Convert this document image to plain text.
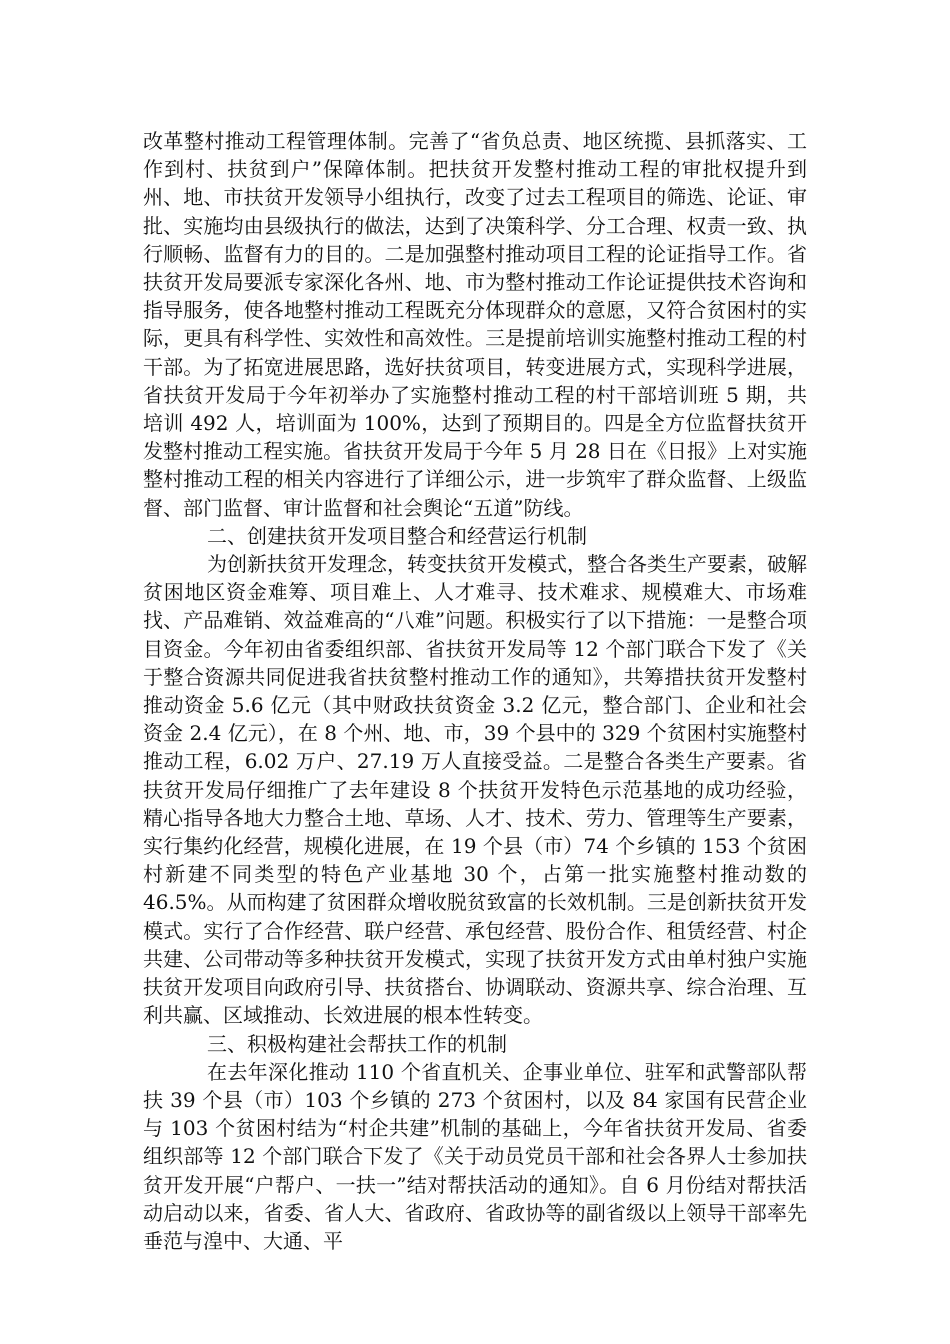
改革整村推动工程管理体制。完善了“省负总责、地区统揽、县抓落实、工作到村、扶贫到户”保障体制。把扶贫开发整村推动工程的审批权提升到州、地、市扶贫开发领导小组执行，改变了过去工程项目的筛选、论证、审批、实施均由县级执行的做法，达到了决策科学、分工合理、权责一致、执行顺畅、监督有力的目的。二是加强整村推动项目工程的论证指导工作。省扶贫开发局要派专家深化各州、地、市为整村推动工作论证提供技术咨询和指导服务，使各地整村推动工程既充分体现群众的意愿，又符合贫困村的实际，更具有科学性、实效性和高效性。三是提前培训实施整村推动工程的村干部。为了拓宽进展思路，选好扶贫项目，转变进展方式，实现科学进展，省扶贫开发局于今年初举办了实施整村推动工程的村干部培训班 5 期，共培训 492 人，培训面为 100%，达到了预期目的。四是全方位监督扶贫开发整村推动工程实施。省扶贫开发局于今年 5 月 28 日在《日报》上对实施整村推动工程的相关内容进行了详细公示，进一步筑牢了群众监督、上级监督、部门监督、审计监督和社会舆论“五道”防线。

二、创建扶贫开发项目整合和经营运行机制

为创新扶贫开发理念，转变扶贫开发模式，整合各类生产要素，破解贫困地区资金难筹、项目难上、人才难寻、技术难求、规模难大、市场难找、产品难销、效益难高的“八难”问题。积极实行了以下措施：一是整合项目资金。今年初由省委组织部、省扶贫开发局等 12 个部门联合下发了《关于整合资源共同促进我省扶贫整村推动工作的通知》，共筹措扶贫开发整村推动资金 5.6 亿元（其中财政扶贫资金 3.2 亿元，整合部门、企业和社会资金 2.4 亿元），在 8 个州、地、市，39 个县中的 329 个贫困村实施整村推动工程，6.02 万户、27.19 万人直接受益。二是整合各类生产要素。省扶贫开发局仔细推广了去年建设 8 个扶贫开发特色示范基地的成功经验，精心指导各地大力整合土地、草场、人才、技术、劳力、管理等生产要素，实行集约化经营，规模化进展，在 19 个县（市）74 个乡镇的 153 个贫困村新建不同类型的特色产业基地 30 个，占第一批实施整村推动数的 46.5%。从而构建了贫困群众增收脱贫致富的长效机制。三是创新扶贫开发模式。实行了合作经营、联户经营、承包经营、股份合作、租赁经营、村企共建、公司带动等多种扶贫开发模式，实现了扶贫开发方式由单村独户实施扶贫开发项目向政府引导、扶贫搭台、协调联动、资源共享、综合治理、互利共赢、区域推动、长效进展的根本性转变。

三、积极构建社会帮扶工作的机制

在去年深化推动 110 个省直机关、企事业单位、驻军和武警部队帮扶 39 个县（市）103 个乡镇的 273 个贫困村，以及 84 家国有民营企业与 103 个贫困村结为“村企共建”机制的基础上，今年省扶贫开发局、省委组织部等 12 个部门联合下发了《关于动员党员干部和社会各界人士参加扶贫开发开展“户帮户、一扶一”结对帮扶活动的通知》。自 6 月份结对帮扶活动启动以来，省委、省人大、省政府、省政协等的副省级以上领导干部率先垂范与湟中、大通、平
